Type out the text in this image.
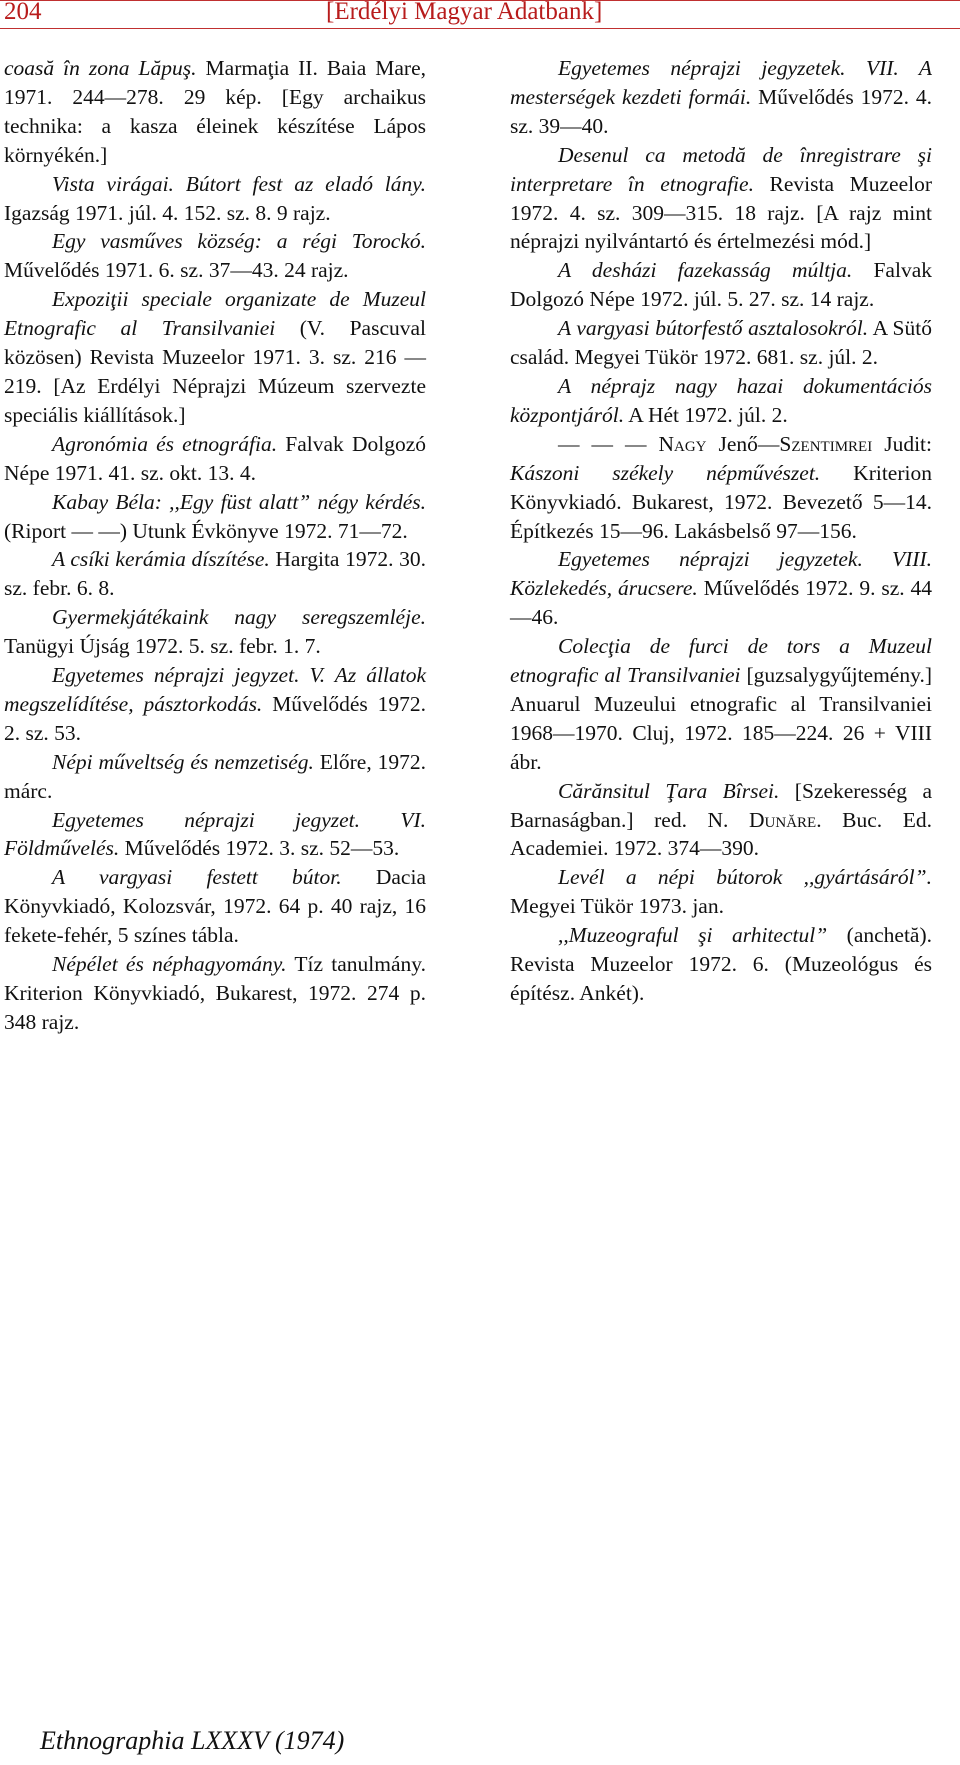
204	[Erdélyi Magyar Adatbank]

coasă în zona Lăpuş. Marmaţia II. Baia Mare, 1971. 244—278. 29 kép. [Egy archaikus technika: a kasza éleinek készítése Lápos környékén.]

Vista virágai. Bútort fest az eladó lány. Igazság 1971. júl. 4. 152. sz. 8. 9 rajz.

Egy vasműves község: a régi Torockó. Művelődés 1971. 6. sz. 37—43. 24 rajz.

Expoziţii speciale organizate de Muzeul Etnografic al Transilvaniei (V. Pascuval közösen) Revista Muzeelor 1971. 3. sz. 216 — 219. [Az Erdélyi Néprajzi Múzeum szervezte speciális kiállítások.]

Agronómia és etnográfia. Falvak Dolgozó Népe 1971. 41. sz. okt. 13. 4.

Kabay Béla: ,,Egy füst alatt” négy kérdés. (Riport — —) Utunk Évkönyve 1972. 71—72.

A csíki kerámia díszítése. Hargita 1972. 30. sz. febr. 6. 8.

Gyermekjátékaink nagy seregszemléje. Tanügyi Újság 1972. 5. sz. febr. 1. 7.

Egyetemes néprajzi jegyzet. V. Az állatok megszelídítése, pásztorkodás. Művelődés 1972. 2. sz. 53.

Népi műveltség és nemzetiség. Előre, 1972. márc.

Egyetemes néprajzi jegyzet. VI. Földművelés. Művelődés 1972. 3. sz. 52—53.

A vargyasi festett bútor. Dacia Könyvkiadó, Kolozsvár, 1972. 64 p. 40 rajz, 16 fekete-fehér, 5 színes tábla.

Népélet és néphagyomány. Tíz tanulmány. Kriterion Könyvkiadó, Bukarest, 1972. 274 p. 348 rajz.

Egyetemes néprajzi jegyzetek. VII. A mesterségek kezdeti formái. Művelődés 1972. 4. sz. 39—40.

Desenul ca metodă de înregistrare şi interpretare în etnografie. Revista Muzeelor 1972. 4. sz. 309—315. 18 rajz. [A rajz mint néprajzi nyilvántartó és értelmezési mód.]

A desházi fazekasság múltja. Falvak Dolgozó Népe 1972. júl. 5. 27. sz. 14 rajz.

A vargyasi bútorfestő asztalosokról. A Sütő család. Megyei Tükör 1972. 681. sz. júl. 2.

A néprajz nagy hazai dokumentációs központjáról. A Hét 1972. júl. 2.

— — — Nagy Jenő—Szentimrei Judit: Kászoni székely népművészet. Kriterion Könyvkiadó. Bukarest, 1972. Bevezető 5—14. Építkezés 15—96. Lakásbelső 97—156.

Egyetemes néprajzi jegyzetek. VIII. Közlekedés, árucsere. Művelődés 1972. 9. sz. 44—46.

Colecţia de furci de tors a Muzeul etnografic al Transilvaniei [guzsalygyűjtemény.] Anuarul Muzeului etnografic al Transilvaniei 1968—1970. Cluj, 1972. 185—224. 26 + VIII ábr.

Cărănsitul Ţara Bîrsei. [Szekeresség a Barnaságban.] red. N. Dunăre. Buc. Ed. Academiei. 1972. 374—390.

Levél a népi bútorok ,,gyártásáról”. Megyei Tükör 1973. jan.

,,Muzeograful şi arhitectul” (anchetă). Revista Muzeelor 1972. 6. (Muzeológus és építész. Ankét).

Ethnographia LXXXV (1974)
